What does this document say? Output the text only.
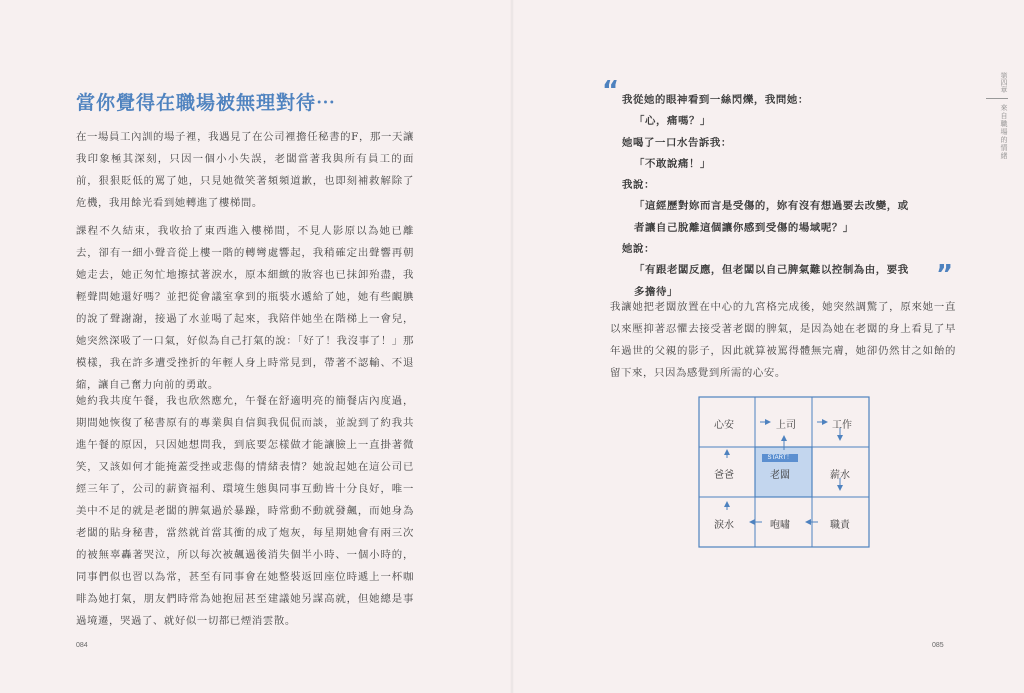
當你覺得在職場被無理對待⋯
在一場員工內訓的場子裡，我遇見了在公司裡擔任秘書的F，那一天讓我印象極其深刻，只因一個小小失誤，老闆當著我與所有員工的面前，狠狠貶低的罵了她，只見她微笑著頻頻道歉，也即刻補救解除了危機，我用餘光看到她轉進了樓梯間。
課程不久結束，我收拾了東西進入樓梯間，不見人影原以為她已離去，卻有一細小聲音從上樓一階的轉彎處響起，我稍確定出聲響再朝她走去，她正匆忙地擦拭著淚水，原本細緻的妝容也已抹卸殆盡，我輕聲問她還好嗎？並把從會議室拿到的瓶裝水遞給了她，她有些靦腆的說了聲謝謝，接過了水並喝了起來，我陪伴她坐在階梯上一會兒，她突然深吸了一口氣，好似為自己打氣的說：「好了！我沒事了！」那模樣，我在許多遭受挫折的年輕人身上時常見到，帶著不認輸、不退縮，讓自己奮力向前的勇敢。
她約我共度午餐，我也欣然應允，午餐在舒適明亮的簡餐店內度過，期間她恢復了秘書原有的專業與自信與我侃侃而談，並說到了約我共進午餐的原因，只因她想問我，到底要怎樣做才能讓臉上一直掛著微笑，又該如何才能掩蓋受挫或悲傷的情緒表情？她說起她在這公司已經三年了，公司的薪資福利、環境生態與同事互動皆十分良好，唯一美中不足的就是老闆的脾氣過於暴躁，時常動不動就發飆，而她身為老闆的貼身秘書，當然就首當其衝的成了炮灰，每星期她會有兩三次的被無辜轟著哭泣，所以每次被飆過後消失個半小時、一個小時的，同事們似也習以為常，甚至有同事會在她整裝返回座位時遞上一杯咖啡為她打氣，朋友們時常為她抱屈甚至建議她另謀高就，但她總是事過境遷，哭過了、就好似一切都已煙消雲散。
084
第四章
來自職場的情緒
“ 我從她的眼神看到一絲閃爍，我問她：
「心，痛嗎？」
她喝了一口水告訴我：
「不敢說痛！」
我說：
「這經歷對妳而言是受傷的，妳有沒有想過要去改變，或
者讓自己脫離這個讓你感到受傷的場域呢？」
她說：
「有跟老闆反應，但老闆以自己脾氣難以控制為由，要我
多擔待」
”
我讓她把老闆放置在中心的九宮格完成後，她突然調驚了，原來她一直以來壓抑著忍懼去接受著老闆的脾氣，是因為她在老闆的身上看見了早年過世的父親的影子，因此就算被罵得體無完膚，她卻仍然甘之如飴的留下來，只因為感覺到所需的心安。
START！
心安	上司	工作
爸爸	老闆	薪水
淚水	咆嘯	職責
085
